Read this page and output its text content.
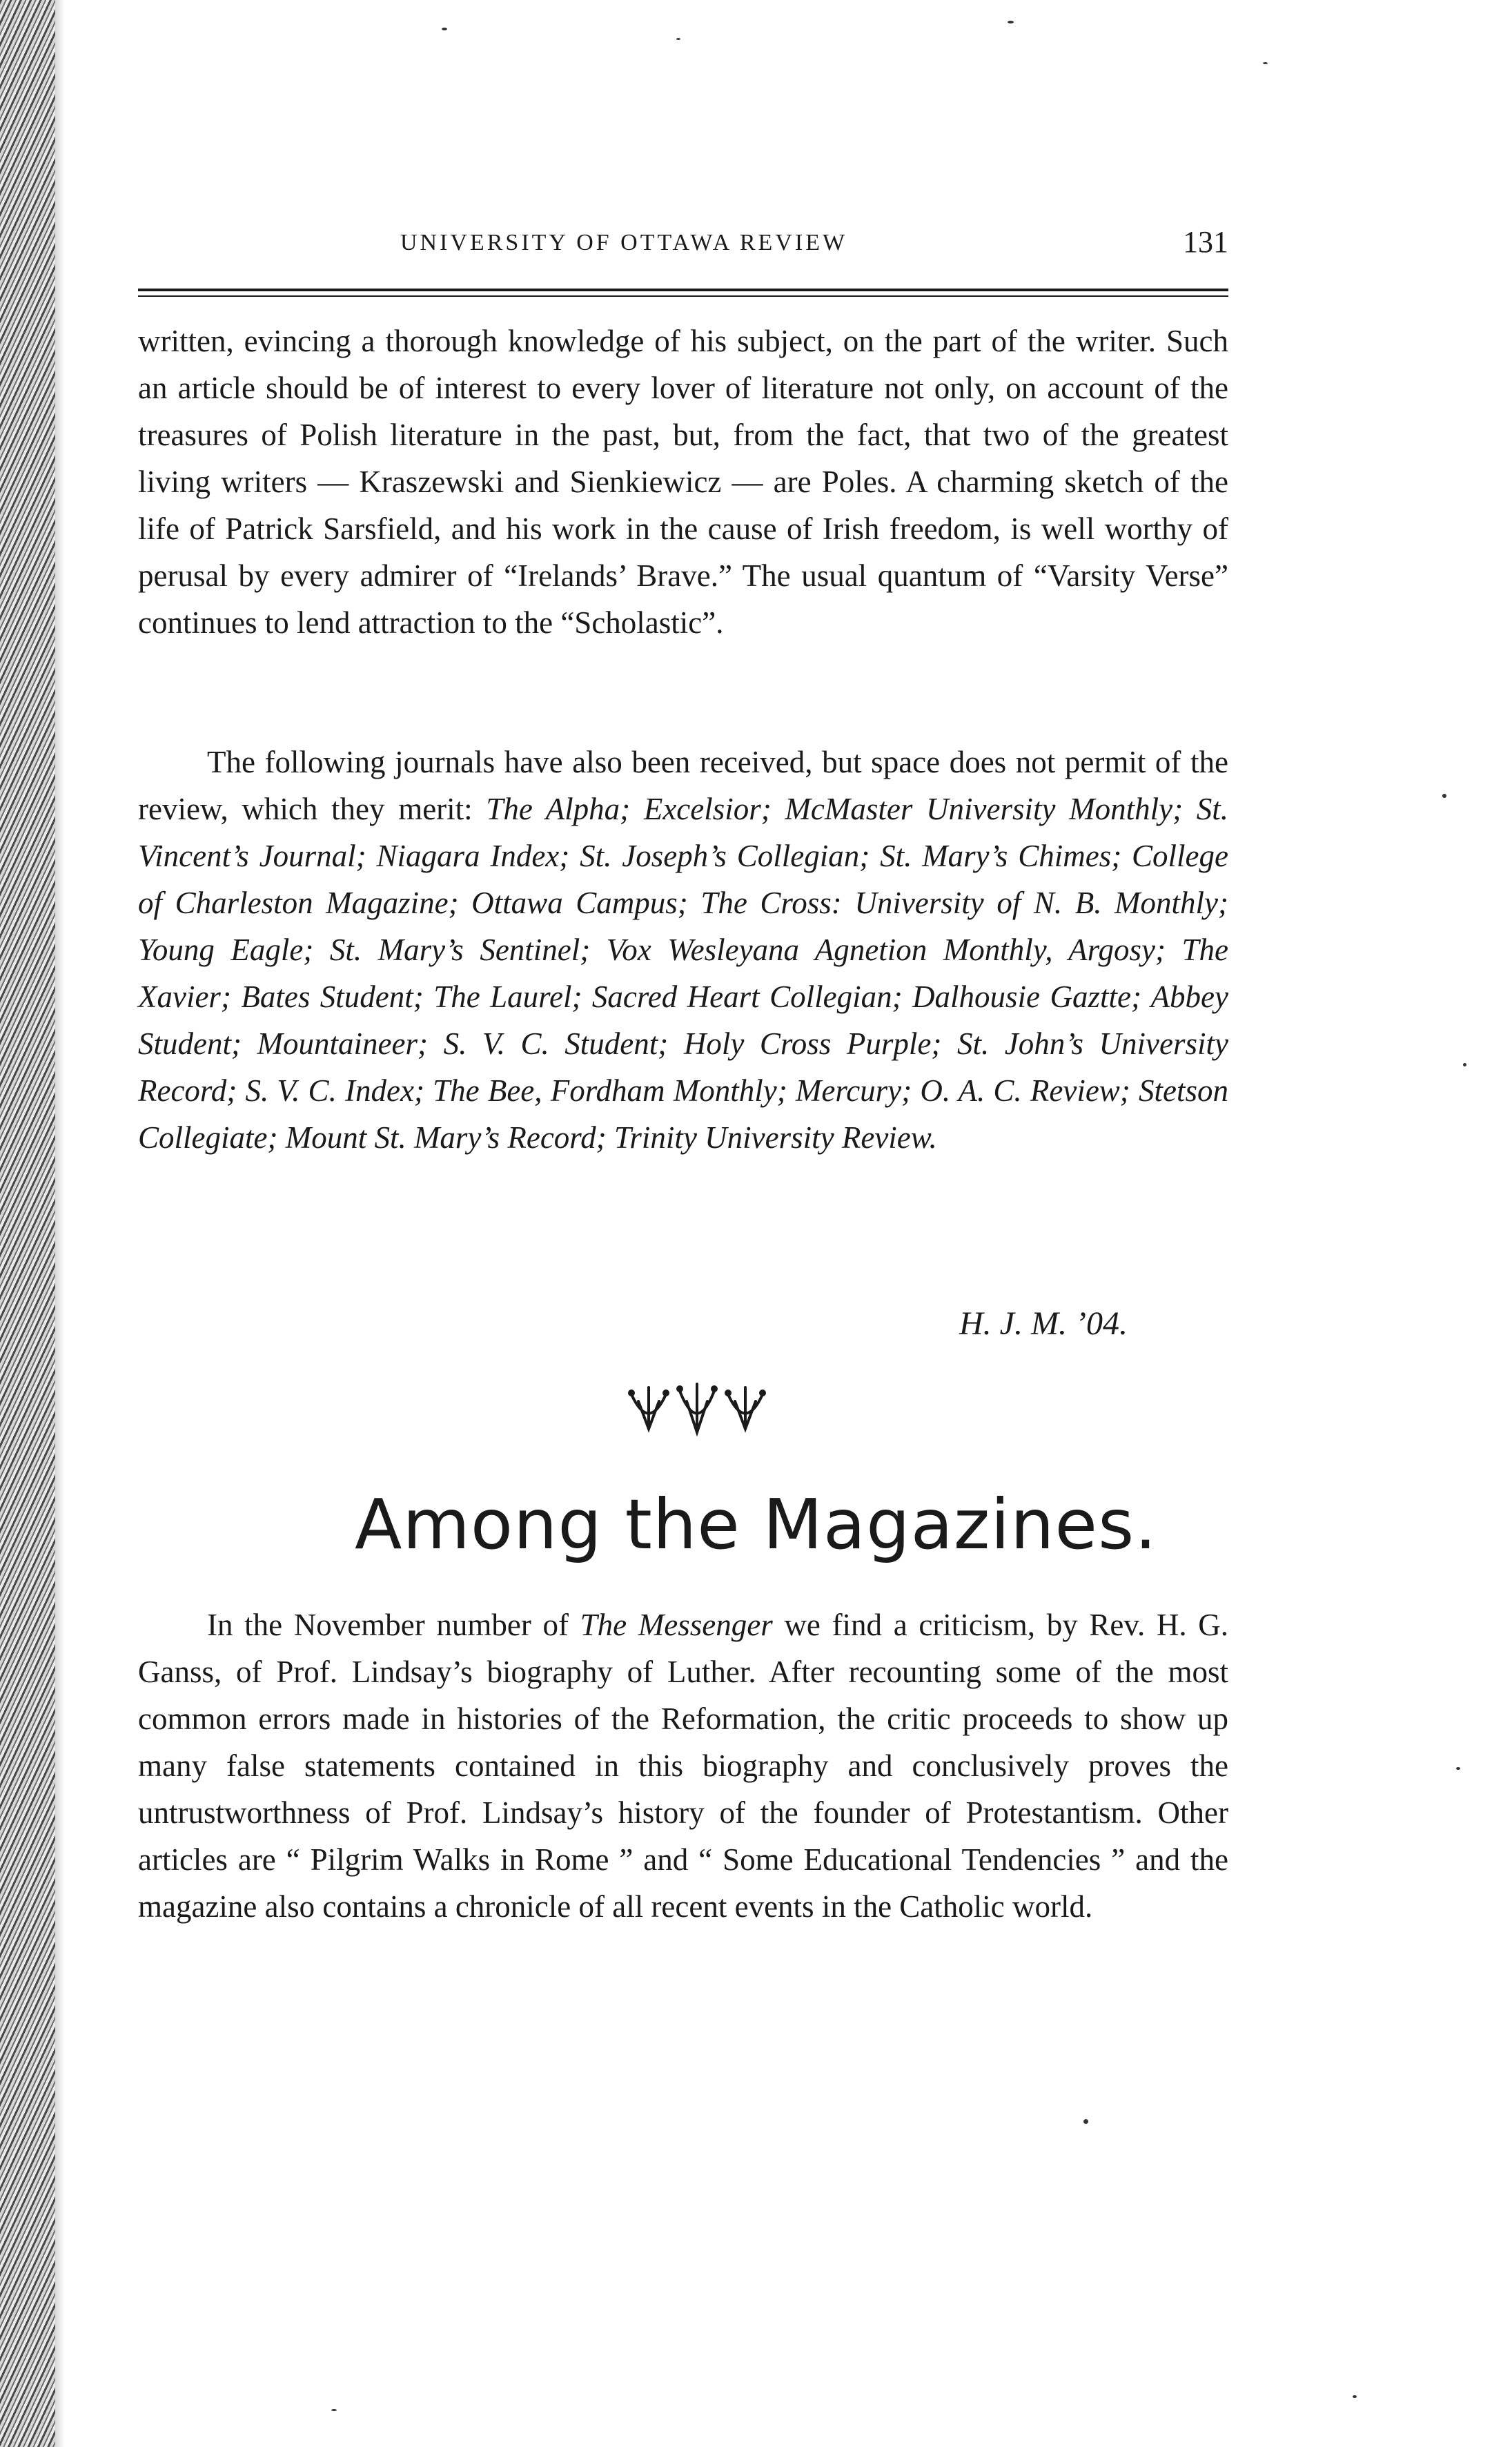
UNIVERSITY OF OTTAWA REVIEW	131

written, evincing a thorough knowledge of his subject, on the part of the writer. Such an article should be of interest to every lover of literature not only, on account of the treasures of Polish literature in the past, but, from the fact, that two of the greatest living writers — Kraszewski and Sienkiewicz — are Poles. A charming sketch of the life of Patrick Sarsfield, and his work in the cause of Irish freedom, is well worthy of perusal by every admirer of “Irelands’ Brave.” The usual quantum of “Varsity Verse” continues to lend attraction to the “Scholastic”.

The following journals have also been received, but space does not permit of the review, which they merit: The Alpha; Excelsior; McMaster University Monthly; St. Vincent’s Journal; Niagara Index; St. Joseph’s Collegian; St. Mary’s Chimes; College of Charleston Magazine; Ottawa Campus; The Cross: University of N. B. Monthly; Young Eagle; St. Mary’s Sentinel; Vox Wesleyana Agnetion Monthly, Argosy; The Xavier; Bates Student; The Laurel; Sacred Heart Collegian; Dalhousie Gaztte; Abbey Student; Mountaineer; S. V. C. Student; Holy Cross Purple; St. John’s University Record; S. V. C. Index; The Bee, Fordham Monthly; Mercury; O. A. C. Review; Stetson Collegiate; Mount St. Mary’s Record; Trinity University Review.

H. J. M. ’04.
Among the Magazines.

In the November number of The Messenger we find a criticism, by Rev. H. G. Ganss, of Prof. Lindsay’s biography of Luther. After recounting some of the most common errors made in histories of the Reformation, the critic proceeds to show up many false statements contained in this biography and conclusively proves the untrustworthness of Prof. Lindsay’s history of the founder of Protestantism. Other articles are “ Pilgrim Walks in Rome ” and “ Some Educational Tendencies ” and the magazine also contains a chronicle of all recent events in the Catholic world.
